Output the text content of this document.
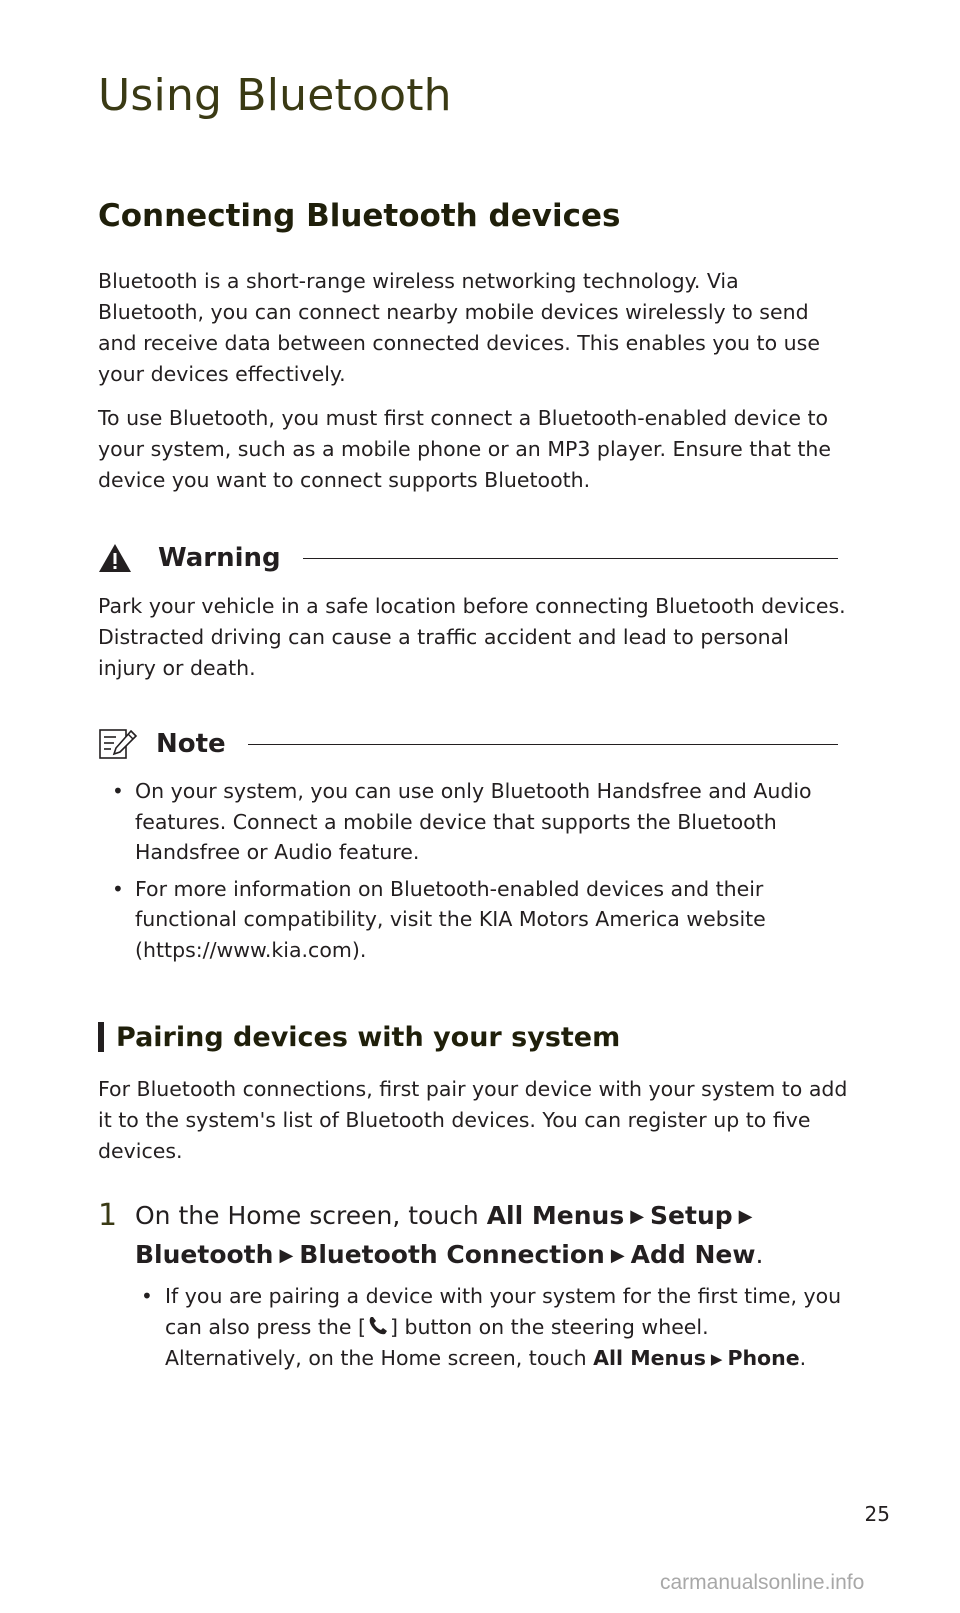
Using Bluetooth
Connecting Bluetooth devices

Bluetooth is a short-range wireless networking technology. Via Bluetooth, you can connect nearby mobile devices wirelessly to send and receive data between connected devices. This enables you to use your devices effectively.

To use Bluetooth, you must first connect a Bluetooth-enabled device to your system, such as a mobile phone or an MP3 player. Ensure that the device you want to connect supports Bluetooth.

Warning

Park your vehicle in a safe location before connecting Bluetooth devices. Distracted driving can cause a traffic accident and lead to personal injury or death.

Note
• On your system, you can use only Bluetooth Handsfree and Audio features. Connect a mobile device that supports the Bluetooth Handsfree or Audio feature.
• For more information on Bluetooth-enabled devices and their functional compatibility, visit the KIA Motors America website (https://www.kia.com).
Pairing devices with your system

For Bluetooth connections, first pair your device with your system to add it to the system's list of Bluetooth devices. You can register up to five devices.

1 On the Home screen, touch All Menus ▶ Setup ▶
Bluetooth ▶ Bluetooth Connection ▶ Add New.
• If you are pairing a device with your system for the first time, you can also press the [ ] button on the steering wheel. Alternatively, on the Home screen, touch All Menus ▶ Phone.
25
carmanualsonline.info
